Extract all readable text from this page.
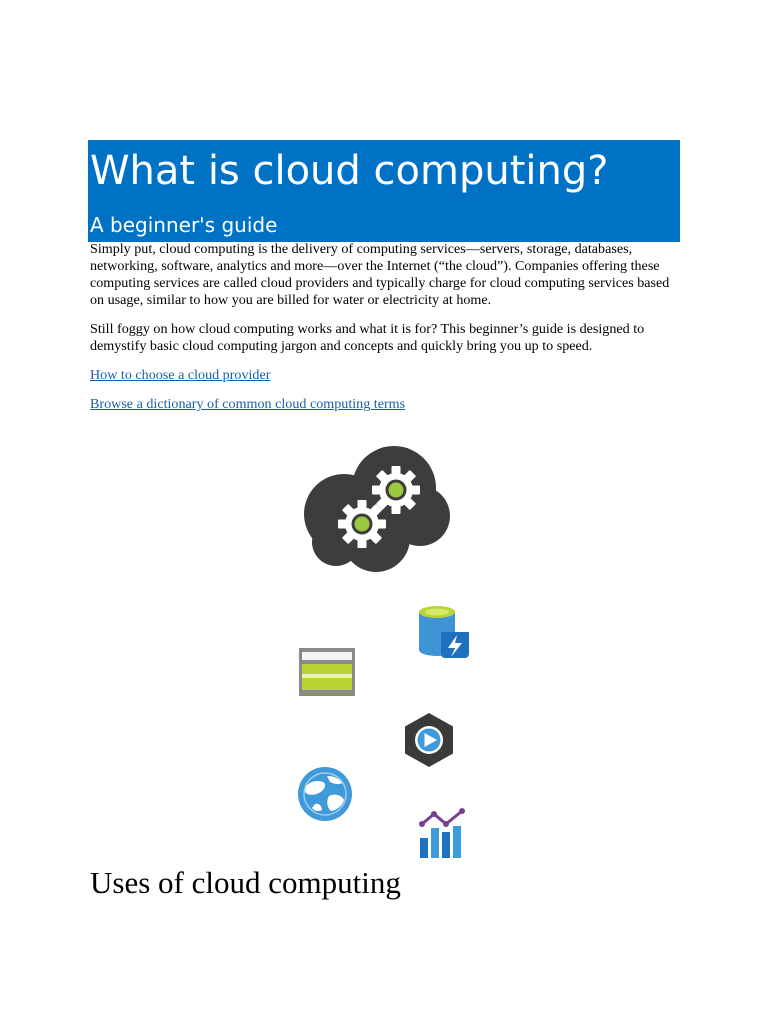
What is cloud computing?
A beginner's guide

Simply put, cloud computing is the delivery of computing services—servers, storage, databases, networking, software, analytics and more—over the Internet (“the cloud”). Companies offering these computing services are called cloud providers and typically charge for cloud computing services based on usage, similar to how you are billed for water or electricity at home.

Still foggy on how cloud computing works and what it is for? This beginner’s guide is designed to demystify basic cloud computing jargon and concepts and quickly bring you up to speed.

How to choose a cloud provider

Browse a dictionary of common cloud computing terms

Uses of cloud computing
